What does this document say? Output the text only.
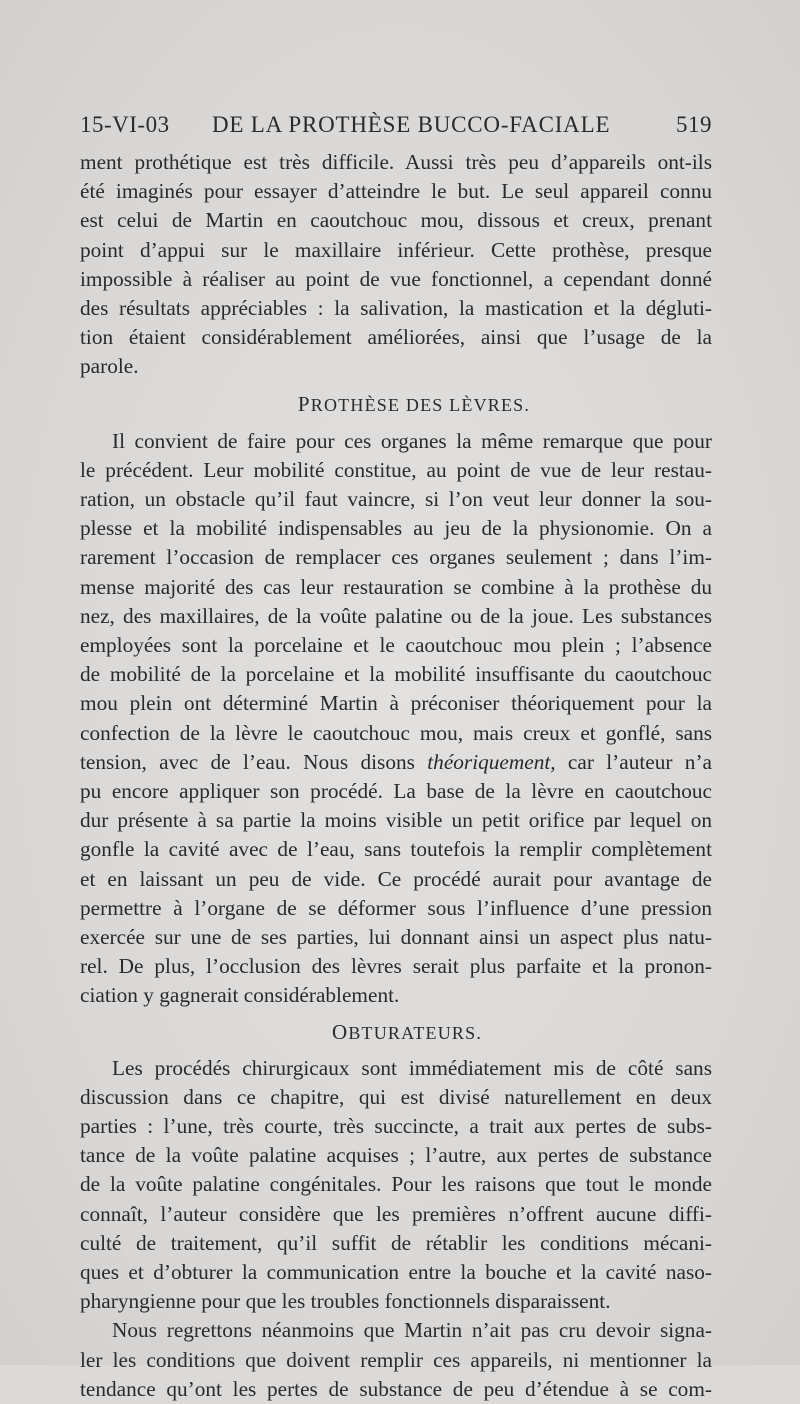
15-VI-03 DE LA PROTHÈSE BUCCO-FACIALE	519
ment prothétique est très difficile. Aussi très peu d’appareils ont-ils
été imaginés pour essayer d’atteindre le but. Le seul appareil connu
est celui de Martin en caoutchouc mou, dissous et creux, prenant
point d’appui sur le maxillaire inférieur. Cette prothèse, presque
impossible à réaliser au point de vue fonctionnel, a cependant donné
des résultats appréciables : la salivation, la mastication et la dégluti-
tion étaient considérablement améliorées, ainsi que l’usage de la
parole.
PROTHÈSE DES LÈVRES.
Il convient de faire pour ces organes la même remarque que pour
le précédent. Leur mobilité constitue, au point de vue de leur restau-
ration, un obstacle qu’il faut vaincre, si l’on veut leur donner la sou-
plesse et la mobilité indispensables au jeu de la physionomie. On a
rarement l’occasion de remplacer ces organes seulement ; dans l’im-
mense majorité des cas leur restauration se combine à la prothèse du
nez, des maxillaires, de la voûte palatine ou de la joue. Les substances
employées sont la porcelaine et le caoutchouc mou plein ; l’absence
de mobilité de la porcelaine et la mobilité insuffisante du caoutchouc
mou plein ont déterminé Martin à préconiser théoriquement pour la
confection de la lèvre le caoutchouc mou, mais creux et gonflé, sans
tension, avec de l’eau. Nous disons théoriquement, car l’auteur n’a
pu encore appliquer son procédé. La base de la lèvre en caoutchouc
dur présente à sa partie la moins visible un petit orifice par lequel on
gonfle la cavité avec de l’eau, sans toutefois la remplir complètement
et en laissant un peu de vide. Ce procédé aurait pour avantage de
permettre à l’organe de se déformer sous l’influence d’une pression
exercée sur une de ses parties, lui donnant ainsi un aspect plus natu-
rel. De plus, l’occlusion des lèvres serait plus parfaite et la pronon-
ciation y gagnerait considérablement.
OBTURATEURS.
Les procédés chirurgicaux sont immédiatement mis de côté sans
discussion dans ce chapitre, qui est divisé naturellement en deux
parties : l’une, très courte, très succincte, a trait aux pertes de subs-
tance de la voûte palatine acquises ; l’autre, aux pertes de substance
de la voûte palatine congénitales. Pour les raisons que tout le monde
connaît, l’auteur considère que les premières n’offrent aucune diffi-
culté de traitement, qu’il suffit de rétablir les conditions mécani-
ques et d’obturer la communication entre la bouche et la cavité naso-
pharyngienne pour que les troubles fonctionnels disparaissent.
Nous regrettons néanmoins que Martin n’ait pas cru devoir signa-
ler les conditions que doivent remplir ces appareils, ni mentionner la
tendance qu’ont les pertes de substance de peu d’étendue à se com-
